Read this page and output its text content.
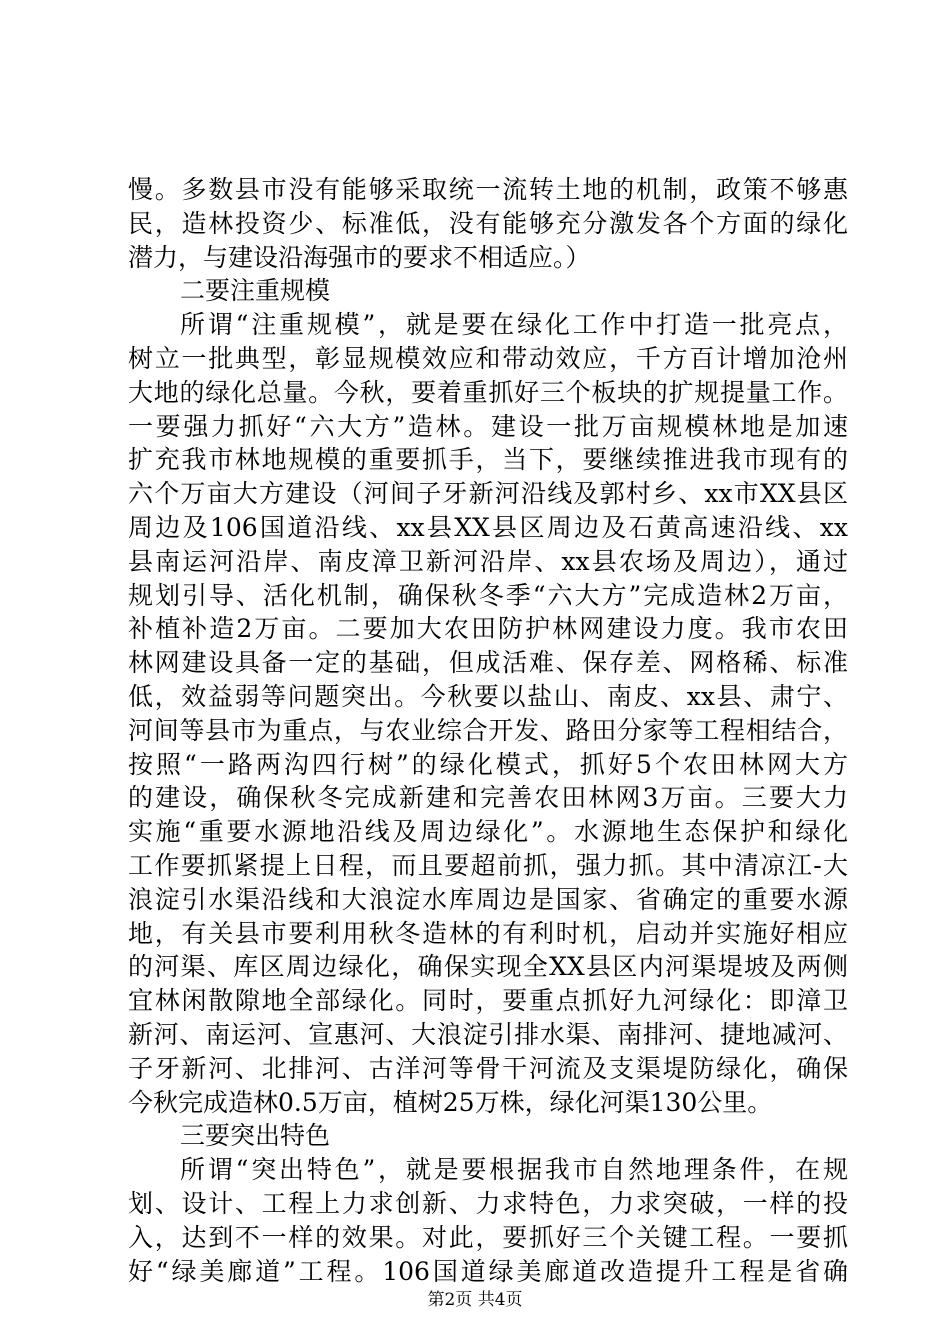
慢。多数县市没有能够采取统一流转土地的机制，政策不够惠
民，造林投资少、标准低，没有能够充分激发各个方面的绿化
潜力，与建设沿海强市的要求不相适应。）
二要注重规模
所谓“注重规模”，就是要在绿化工作中打造一批亮点，
树立一批典型，彰显规模效应和带动效应，千方百计增加沧州
大地的绿化总量。今秋，要着重抓好三个板块的扩规提量工作。
一要强力抓好“六大方”造林。建设一批万亩规模林地是加速
扩充我市林地规模的重要抓手，当下，要继续推进我市现有的
六个万亩大方建设（河间子牙新河沿线及郭村乡、xx市XX县区
周边及106国道沿线、xx县XX县区周边及石黄高速沿线、xx
县南运河沿岸、南皮漳卫新河沿岸、xx县农场及周边），通过
规划引导、活化机制，确保秋冬季“六大方”完成造林2万亩，
补植补造2万亩。二要加大农田防护林网建设力度。我市农田
林网建设具备一定的基础，但成活难、保存差、网格稀、标准
低，效益弱等问题突出。今秋要以盐山、南皮、xx县、肃宁、
河间等县市为重点，与农业综合开发、路田分家等工程相结合，
按照“一路两沟四行树”的绿化模式，抓好5个农田林网大方
的建设，确保秋冬完成新建和完善农田林网3万亩。三要大力
实施“重要水源地沿线及周边绿化”。水源地生态保护和绿化
工作要抓紧提上日程，而且要超前抓，强力抓。其中清凉江-大
浪淀引水渠沿线和大浪淀水库周边是国家、省确定的重要水源
地，有关县市要利用秋冬造林的有利时机，启动并实施好相应
的河渠、库区周边绿化，确保实现全XX县区内河渠堤坡及两侧
宜林闲散隙地全部绿化。同时，要重点抓好九河绿化：即漳卫
新河、南运河、宣惠河、大浪淀引排水渠、南排河、捷地减河、
子牙新河、北排河、古洋河等骨干河流及支渠堤防绿化，确保
今秋完成造林0.5万亩，植树25万株，绿化河渠130公里。
三要突出特色
所谓“突出特色”，就是要根据我市自然地理条件，在规
划、设计、工程上力求创新、力求特色，力求突破，一样的投
入，达到不一样的效果。对此，要抓好三个关键工程。一要抓
好“绿美廊道”工程。106国道绿美廊道改造提升工程是省确
第2页 共4页
